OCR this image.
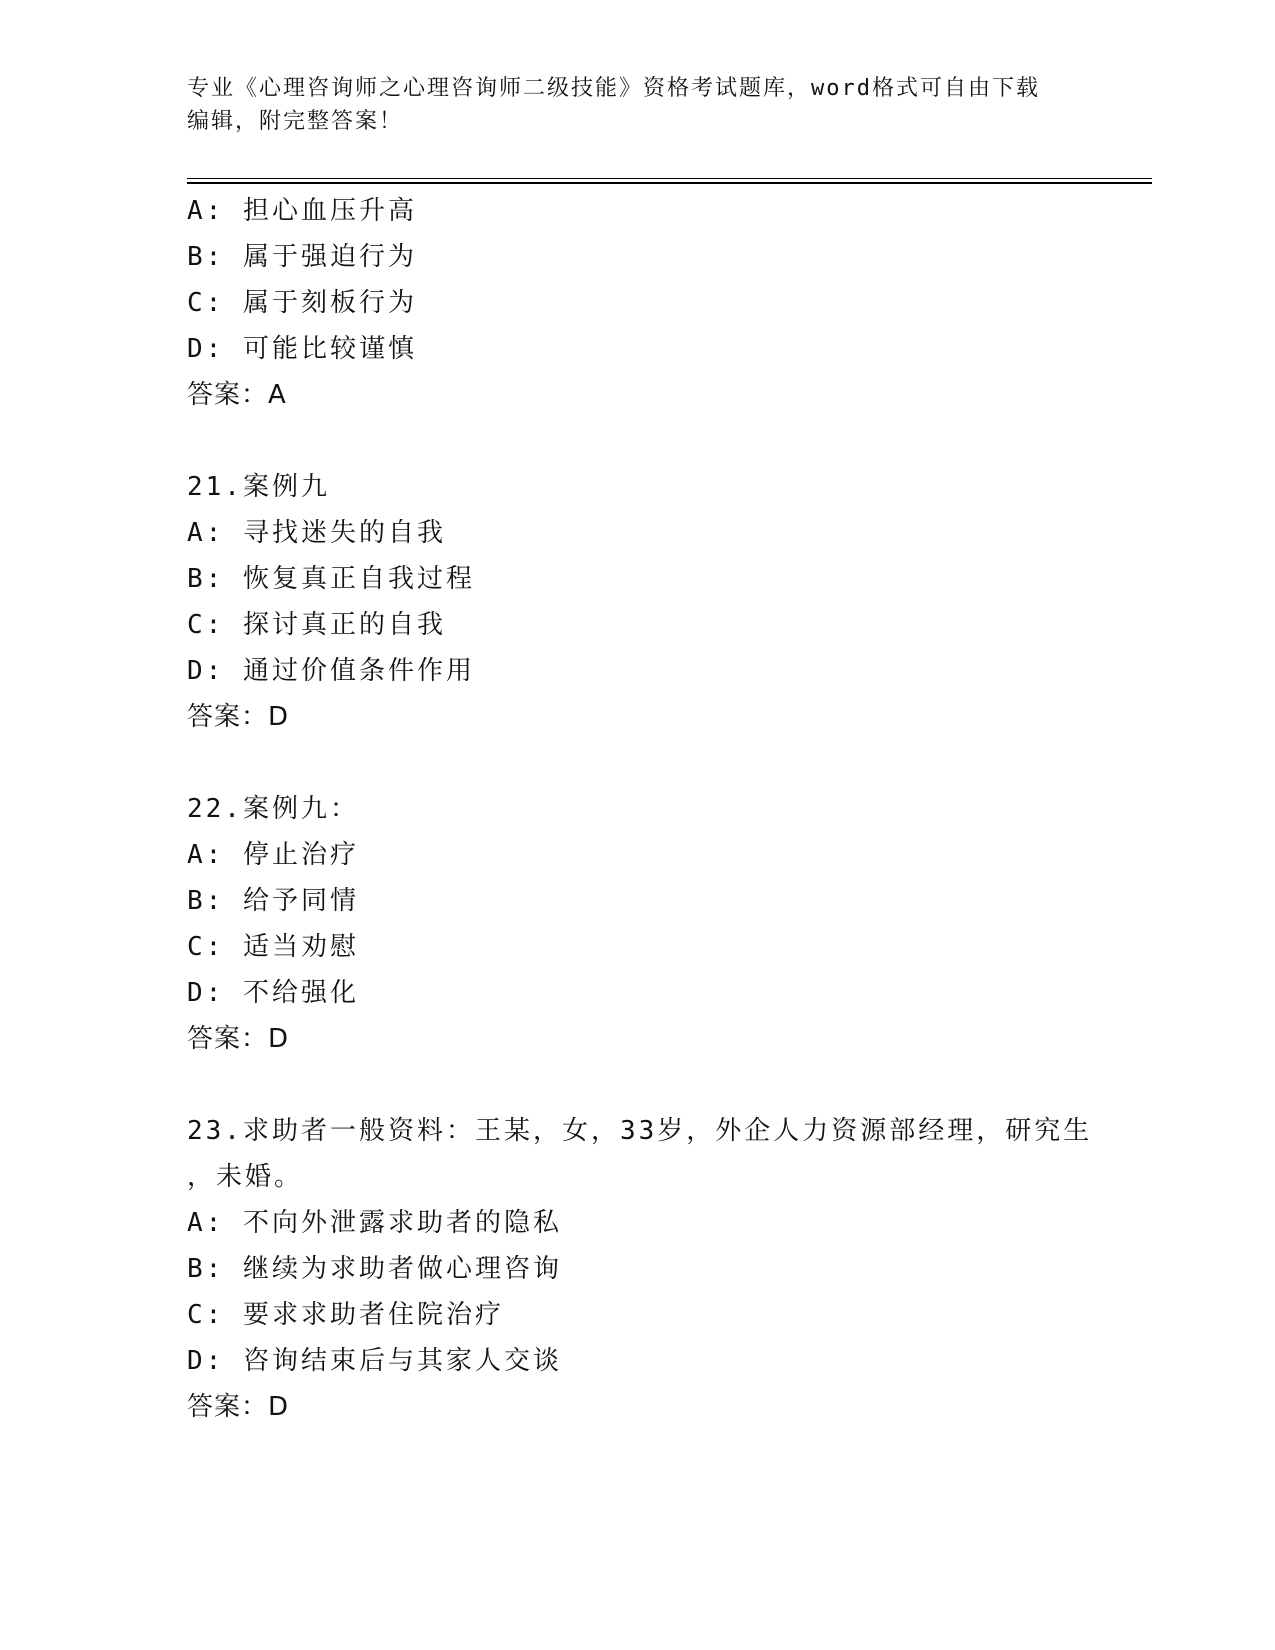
专业《心理咨询师之心理咨询师二级技能》资格考试题库，word格式可自由下载
编辑，附完整答案！
A: 担心血压升高
B: 属于强迫行为
C: 属于刻板行为
D: 可能比较谨慎
答案：A
21.案例九
A: 寻找迷失的自我
B: 恢复真正自我过程
C: 探讨真正的自我
D: 通过价值条件作用
答案：D
22.案例九：
A: 停止治疗
B: 给予同情
C: 适当劝慰
D: 不给强化
答案：D
23.求助者一般资料：王某，女，33岁，外企人力资源部经理，研究生
，未婚。
A: 不向外泄露求助者的隐私
B: 继续为求助者做心理咨询
C: 要求求助者住院治疗
D: 咨询结束后与其家人交谈
答案：D
